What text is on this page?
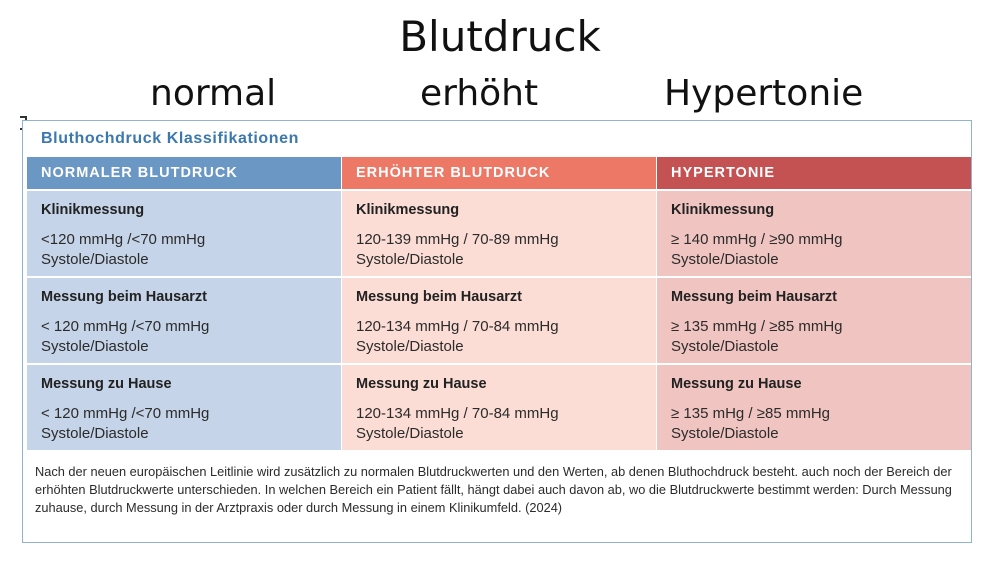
Blutdruck
normal	erhöht	Hypertonie
Bluthochdruck Klassifikationen
NORMALER BLUTDRUCK
Klinikmessung
<120 mmHg /<70 mmHg
Systole/Diastole
Messung beim Hausarzt
< 120 mmHg /<70 mmHg
Systole/Diastole
Messung zu Hause
< 120 mmHg /<70 mmHg
Systole/Diastole
ERHÖHTER BLUTDRUCK
Klinikmessung
120-139 mmHg / 70-89 mmHg
Systole/Diastole
Messung beim Hausarzt
120-134 mmHg / 70-84 mmHg
Systole/Diastole
Messung zu Hause
120-134 mmHg / 70-84 mmHg
Systole/Diastole
HYPERTONIE
Klinikmessung
≥ 140 mmHg / ≥90 mmHg
Systole/Diastole
Messung beim Hausarzt
≥ 135 mmHg / ≥85 mmHg
Systole/Diastole
Messung zu Hause
≥ 135 mHg / ≥85 mmHg
Systole/Diastole
Nach der neuen europäischen Leitlinie wird zusätzlich zu normalen Blutdruckwerten und den Werten, ab denen Bluthochdruck besteht. auch noch der Bereich der erhöhten Blutdruckwerte unterschieden. In welchen Bereich ein Patient fällt, hängt dabei auch davon ab, wo die Blutdruckwerte bestimmt werden: Durch Messung zuhause, durch Messung in der Arztpraxis oder durch Messung in einem Klinikumfeld. (2024)
